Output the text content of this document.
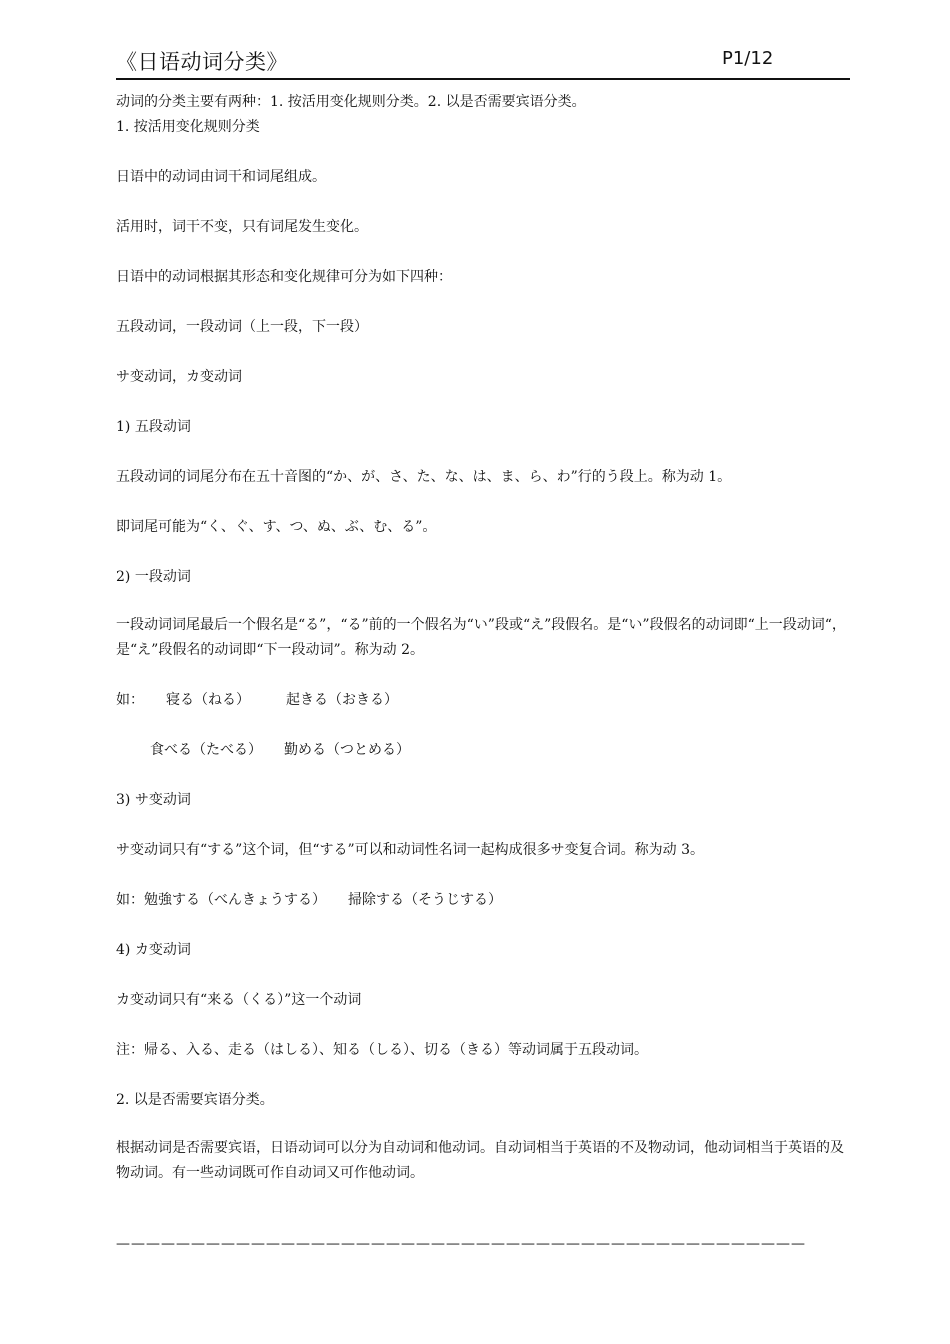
《日语动词分类》	P1/12
动词的分类主要有两种：1. 按活用变化规则分类。2. 以是否需要宾语分类。
1. 按活用变化规则分类
日语中的动词由词干和词尾组成。
活用时，词干不变，只有词尾发生变化。
日语中的动词根据其形态和变化规律可分为如下四种：
五段动词，一段动词（上一段，下一段）
サ变动词，カ变动词
1) 五段动词
五段动词的词尾分布在五十音图的“か、が、さ、た、な、は、ま、ら、わ”行的う段上。称为动 1。
即词尾可能为“く、ぐ、す、つ、ぬ、ぶ、む、る”。
2) 一段动词
一段动词词尾最后一个假名是“る”，“る”前的一个假名为“い”段或“え”段假名。是“い”段假名的动词即“上一段动词“，是“え”段假名的动词即“下一段动词”。称为动 2。
如： 寝る（ねる）	起きる（おきる）
食べる（たべる） 勤める（つとめる）
3) サ变动词
サ变动词只有“する”这个词，但“する”可以和动词性名词一起构成很多サ变复合词。称为动 3。
如：勉強する（べんきょうする） 掃除する（そうじする）
4) カ变动词
カ变动词只有“来る（くる）”这一个动词
注：帰る、入る、走る（はしる）、知る（しる）、切る（きる）等动词属于五段动词。
2. 以是否需要宾语分类。
根据动词是否需要宾语，日语动词可以分为自动词和他动词。自动词相当于英语的不及物动词，他动词相当于英语的及物动词。有一些动词既可作自动词又可作他动词。
——————————————————————————————————————————————
